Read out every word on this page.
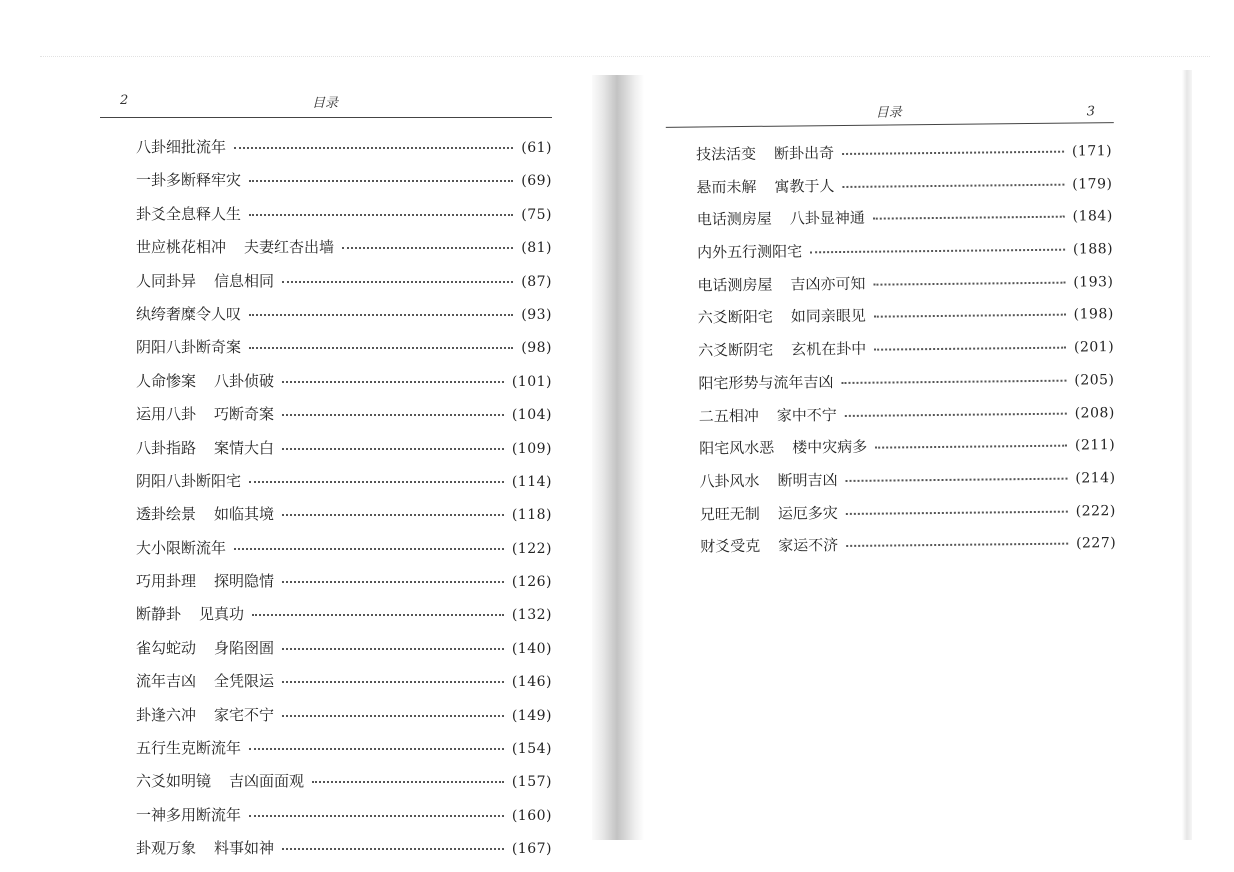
2	目录
八卦细批流年	(61)
一卦多断释牢灾	(69)
卦爻全息释人生	(75)
世应桃花相冲 夫妻红杏出墙	(81)
人同卦异 信息相同	(87)
纨绔奢糜令人叹	(93)
阴阳八卦断奇案	(98)
人命惨案 八卦侦破	(101)
运用八卦 巧断奇案	(104)
八卦指路 案情大白	(109)
阴阳八卦断阳宅	(114)
透卦绘景 如临其境	(118)
大小限断流年	(122)
巧用卦理 探明隐情	(126)
断静卦 见真功	(132)
雀勾蛇动 身陷囹圄	(140)
流年吉凶 全凭限运	(146)
卦逢六冲 家宅不宁	(149)
五行生克断流年	(154)
六爻如明镜 吉凶面面观	(157)
一神多用断流年	(160)
卦观万象 料事如神	(167)
目录	3
技法活变 断卦出奇	(171)
悬而未解 寓教于人	(179)
电话测房屋 八卦显神通	(184)
内外五行测阳宅	(188)
电话测房屋 吉凶亦可知	(193)
六爻断阳宅 如同亲眼见	(198)
六爻断阴宅 玄机在卦中	(201)
阳宅形势与流年吉凶	(205)
二五相冲 家中不宁	(208)
阳宅风水恶 楼中灾病多	(211)
八卦风水 断明吉凶	(214)
兄旺无制 运厄多灾	(222)
财爻受克 家运不济	(227)
